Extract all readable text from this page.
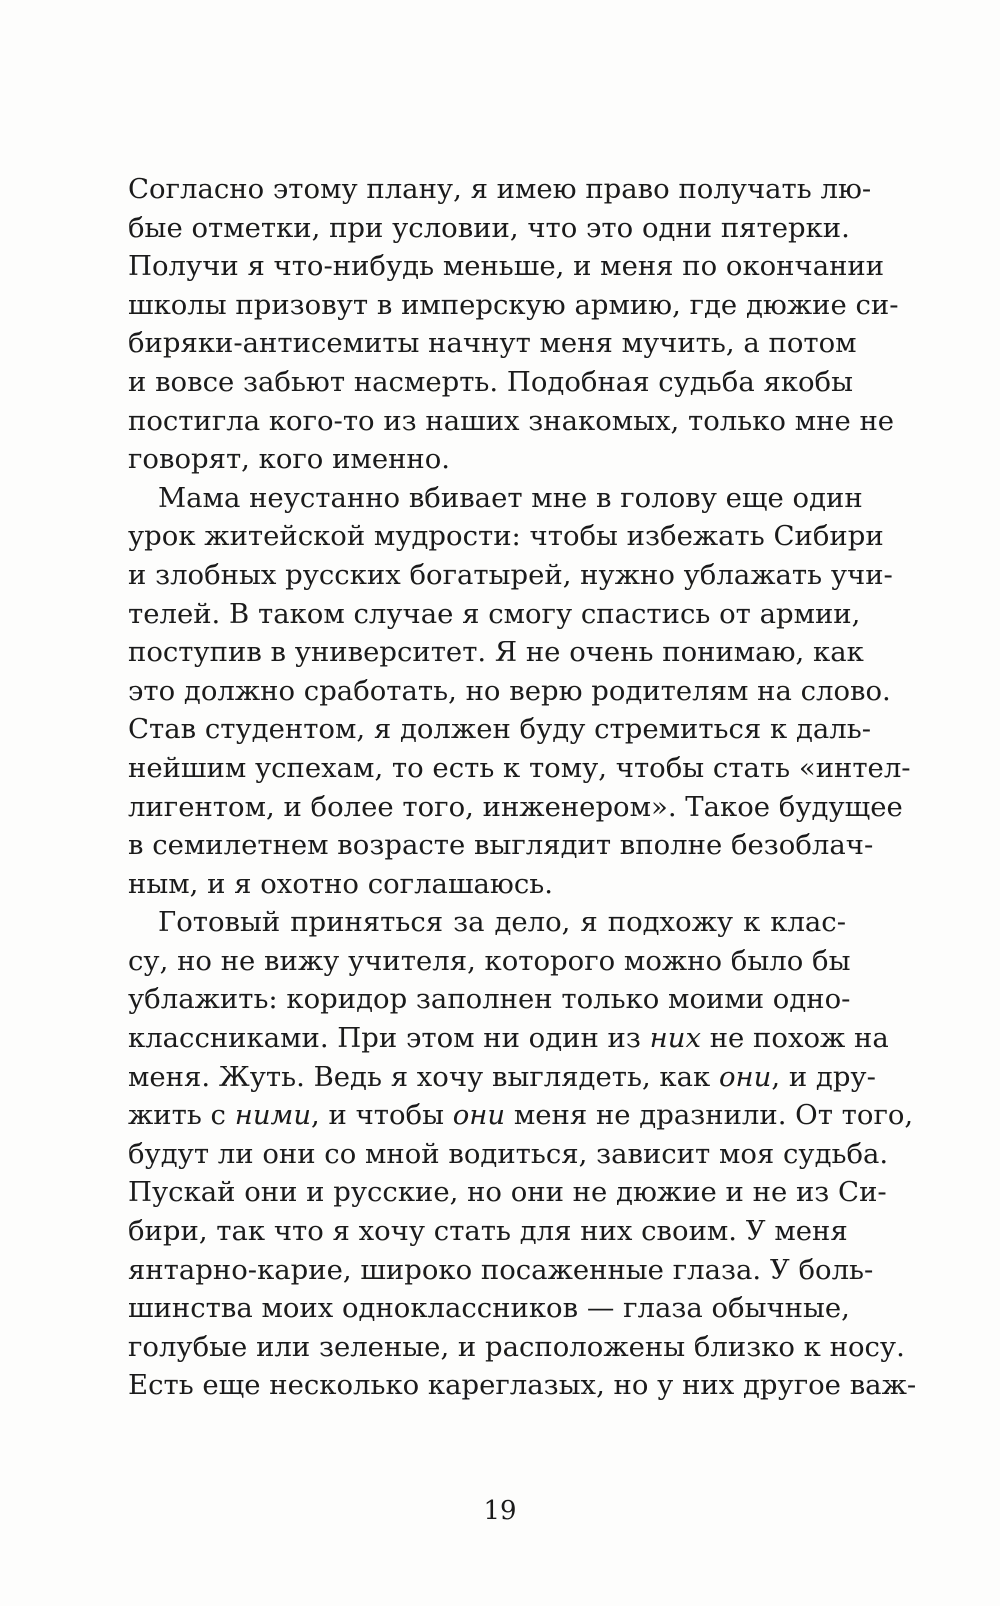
Согласно этому плану, я имею право получать лю-
бые отметки, при условии, что это одни пятерки.
Получи я что-нибудь меньше, и меня по окончании
школы призовут в имперскую армию, где дюжие си-
биряки-антисемиты начнут меня мучить, а потом
и вовсе забьют насмерть. Подобная судьба якобы
постигла кого-то из наших знакомых, только мне не
говорят, кого именно.
Мама неустанно вбивает мне в голову еще один
урок житейской мудрости: чтобы избежать Сибири
и злобных русских богатырей, нужно ублажать учи-
телей. В таком случае я смогу спастись от армии,
поступив в университет. Я не очень понимаю, как
это должно сработать, но верю родителям на слово.
Став студентом, я должен буду стремиться к даль-
нейшим успехам, то есть к тому, чтобы стать «интел-
лигентом, и более того, инженером». Такое будущее
в семилетнем возрасте выглядит вполне безоблач-
ным, и я охотно соглашаюсь.
Готовый приняться за дело, я подхожу к клас-
су, но не вижу учителя, которого можно было бы
ублажить: коридор заполнен только моими одно-
классниками. При этом ни один из них не похож на
меня. Жуть. Ведь я хочу выглядеть, как они, и дру-
жить с ними, и чтобы они меня не дразнили. От того,
будут ли они со мной водиться, зависит моя судьба.
Пускай они и русские, но они не дюжие и не из Си-
бири, так что я хочу стать для них своим. У меня
янтарно-карие, широко посаженные глаза. У боль-
шинства моих одноклассников — глаза обычные,
голубые или зеленые, и расположены близко к носу.
Есть еще несколько кареглазых, но у них другое важ-
19
